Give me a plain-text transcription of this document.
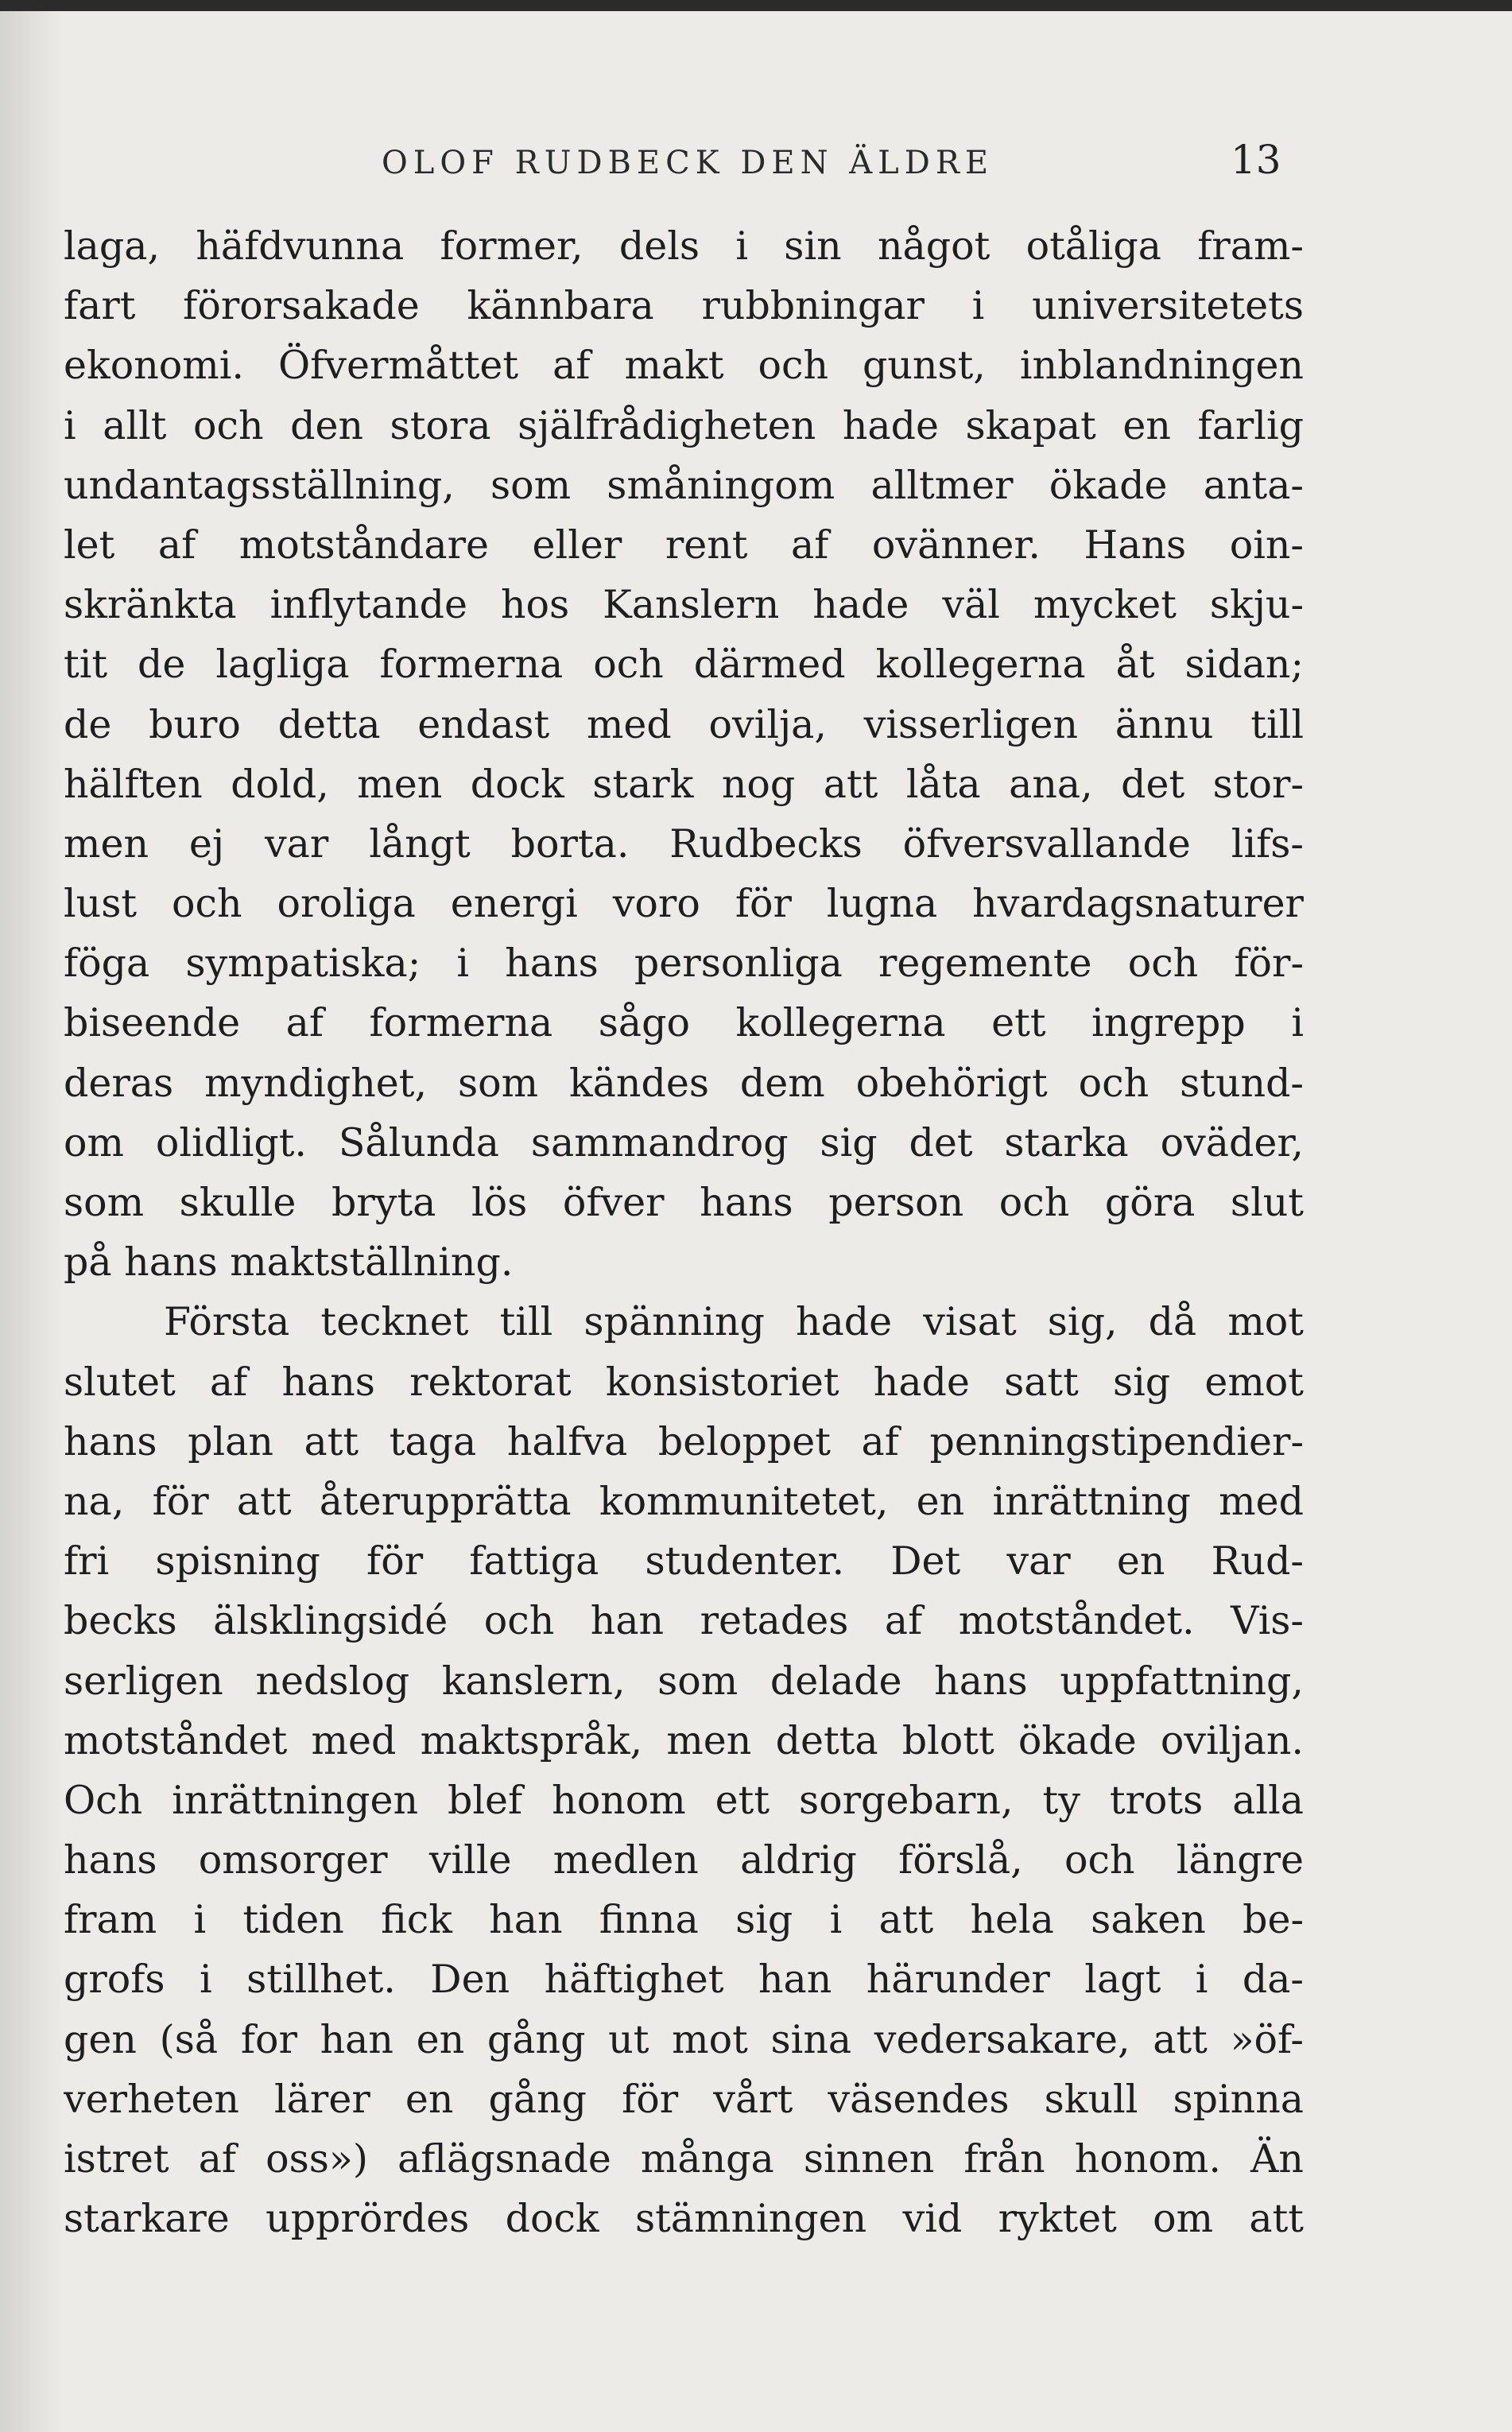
OLOF RUDBECK DEN ÄLDRE	13
laga, häfdvunna former, dels i sin något otåliga fram-
fart förorsakade kännbara rubbningar i universitetets
ekonomi. Öfvermåttet af makt och gunst, inblandningen
i allt och den stora själfrådigheten hade skapat en farlig
undantagsställning, som småningom alltmer ökade anta-
let af motståndare eller rent af ovänner. Hans oin-
skränkta inflytande hos Kanslern hade väl mycket skju-
tit de lagliga formerna och därmed kollegerna åt sidan;
de buro detta endast med ovilja, visserligen ännu till
hälften dold, men dock stark nog att låta ana, det stor-
men ej var långt borta. Rudbecks öfversvallande lifs-
lust och oroliga energi voro för lugna hvardagsnaturer
föga sympatiska; i hans personliga regemente och för-
biseende af formerna sågo kollegerna ett ingrepp i
deras myndighet, som kändes dem obehörigt och stund-
om olidligt. Sålunda sammandrog sig det starka oväder,
som skulle bryta lös öfver hans person och göra slut
på hans maktställning.
Första tecknet till spänning hade visat sig, då mot
slutet af hans rektorat konsistoriet hade satt sig emot
hans plan att taga halfva beloppet af penningstipendier-
na, för att återupprätta kommunitetet, en inrättning med
fri spisning för fattiga studenter. Det var en Rud-
becks älsklingsidé och han retades af motståndet. Vis-
serligen nedslog kanslern, som delade hans uppfattning,
motståndet med maktspråk, men detta blott ökade oviljan.
Och inrättningen blef honom ett sorgebarn, ty trots alla
hans omsorger ville medlen aldrig förslå, och längre
fram i tiden fick han finna sig i att hela saken be-
grofs i stillhet. Den häftighet han härunder lagt i da-
gen (så for han en gång ut mot sina vedersakare, att »öf-
verheten lärer en gång för vårt väsendes skull spinna
istret af oss») aflägsnade många sinnen från honom. Än
starkare upprördes dock stämningen vid ryktet om att
